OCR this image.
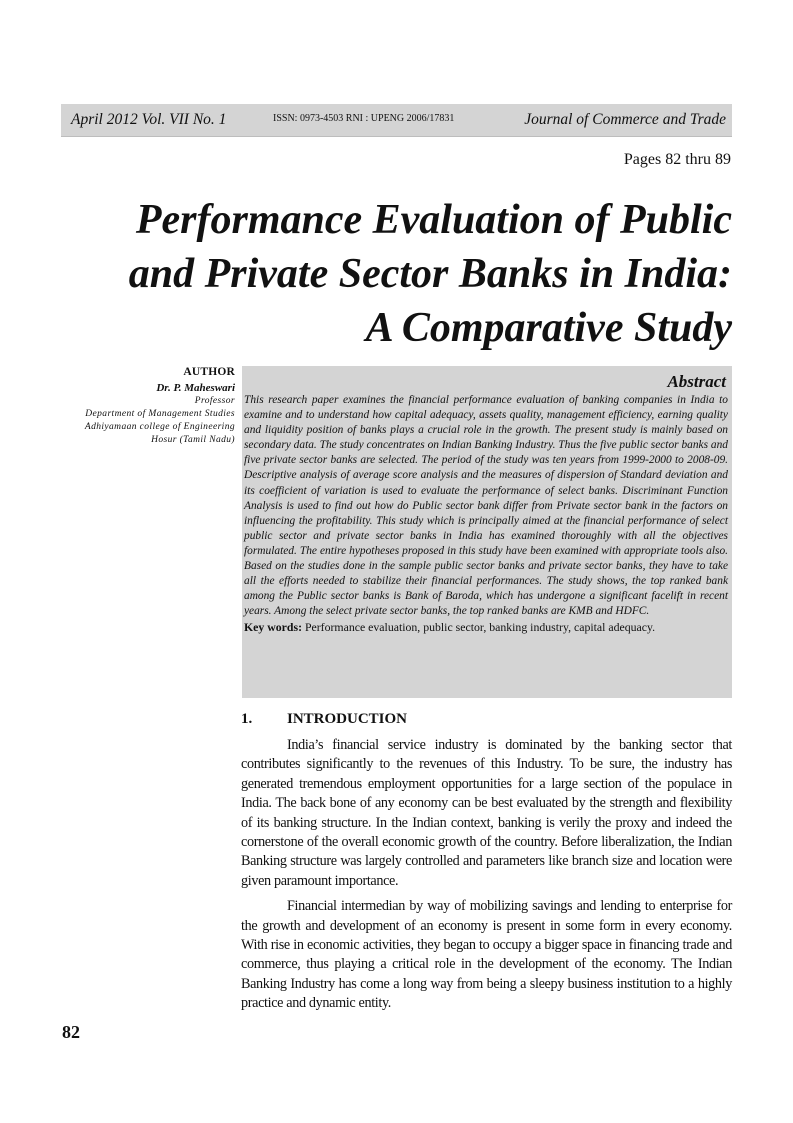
April 2012 Vol. VII No. 1	ISSN: 0973-4503 RNI : UPENG 2006/17831	Journal of Commerce and Trade
Pages 82 thru 89
Performance Evaluation of Public
and Private Sector Banks in India:
A Comparative Study
AUTHOR
Dr. P. Maheswari
Professor
Department of Management Studies
Adhiyamaan college of Engineering
Hosur (Tamil Nadu)
Abstract

This research paper examines the financial performance evaluation of banking companies in India to examine and to understand how capital adequacy, assets quality, management efficiency, earning quality and liquidity position of banks plays a crucial role in the growth. The present study is mainly based on secondary data. The study concentrates on Indian Banking Industry. Thus the five public sector banks and five private sector banks are selected. The period of the study was ten years from 1999-2000 to 2008-09. Descriptive analysis of average score analysis and the measures of dispersion of Standard deviation and its coefficient of variation is used to evaluate the performance of select banks. Discriminant Function Analysis is used to find out how do Public sector bank differ from Private sector bank in the factors on influencing the profitability. This study which is principally aimed at the financial performance of select public sector and private sector banks in India has examined thoroughly with all the objectives formulated. The entire hypotheses proposed in this study have been examined with appropriate tools also. Based on the studies done in the sample public sector banks and private sector banks, they have to take all the efforts needed to stabilize their financial performances. The study shows, the top ranked bank among the Public sector banks is Bank of Baroda, which has undergone a significant facelift in recent years. Among the select private sector banks, the top ranked banks are KMB and HDFC.

Key words: Performance evaluation, public sector, banking industry, capital adequacy.
1. INTRODUCTION

India’s financial service industry is dominated by the banking sector that contributes significantly to the revenues of this Industry. To be sure, the industry has generated tremendous employment opportunities for a large section of the populace in India. The back bone of any economy can be best evaluated by the strength and flexibility of its banking structure. In the Indian context, banking is verily the proxy and indeed the cornerstone of the overall economic growth of the country. Before liberalization, the Indian Banking structure was largely controlled and parameters like branch size and location were given paramount importance.

Financial intermedian by way of mobilizing savings and lending to enterprise for the growth and development of an economy is present in some form in every economy. With rise in economic activities, they began to occupy a bigger space in financing trade and commerce, thus playing a critical role in the development of the economy. The Indian Banking Industry has come a long way from being a sleepy business institution to a highly practice and dynamic entity.

82
